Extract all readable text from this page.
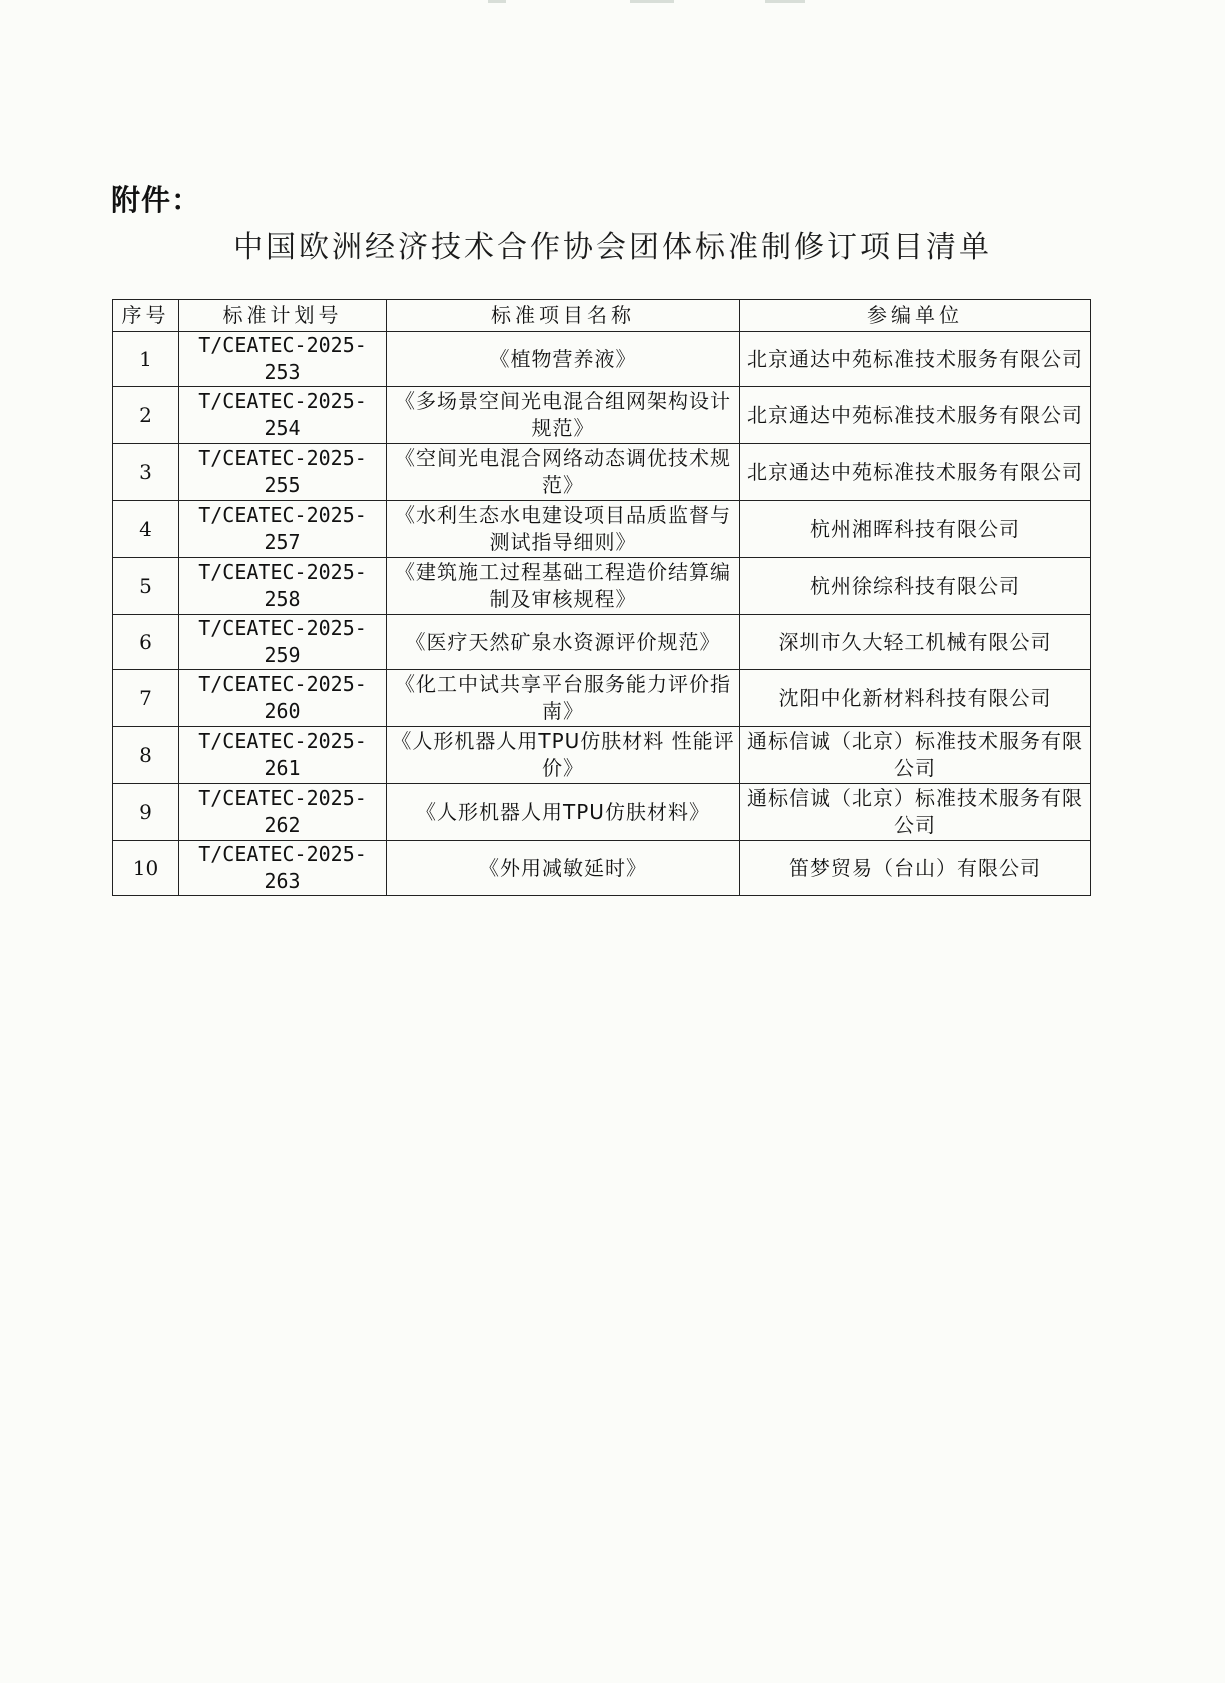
附件：
中国欧洲经济技术合作协会团体标准制修订项目清单
序号	标准计划号	标准项目名称	参编单位
1	T/CEATEC-2025-253	《植物营养液》	北京通达中苑标准技术服务有限公司
2	T/CEATEC-2025-254	《多场景空间光电混合组网架构设计规范》	北京通达中苑标准技术服务有限公司
3	T/CEATEC-2025-255	《空间光电混合网络动态调优技术规范》	北京通达中苑标准技术服务有限公司
4	T/CEATEC-2025-257	《水利生态水电建设项目品质监督与测试指导细则》	杭州湘晖科技有限公司
5	T/CEATEC-2025-258	《建筑施工过程基础工程造价结算编制及审核规程》	杭州徐综科技有限公司
6	T/CEATEC-2025-259	《医疗天然矿泉水资源评价规范》	深圳市久大轻工机械有限公司
7	T/CEATEC-2025-260	《化工中试共享平台服务能力评价指南》	沈阳中化新材料科技有限公司
8	T/CEATEC-2025-261	《人形机器人用TPU仿肤材料 性能评价》	通标信诚（北京）标准技术服务有限公司
9	T/CEATEC-2025-262	《人形机器人用TPU仿肤材料》	通标信诚（北京）标准技术服务有限公司
10	T/CEATEC-2025-263	《外用减敏延时》	笛梦贸易（台山）有限公司
